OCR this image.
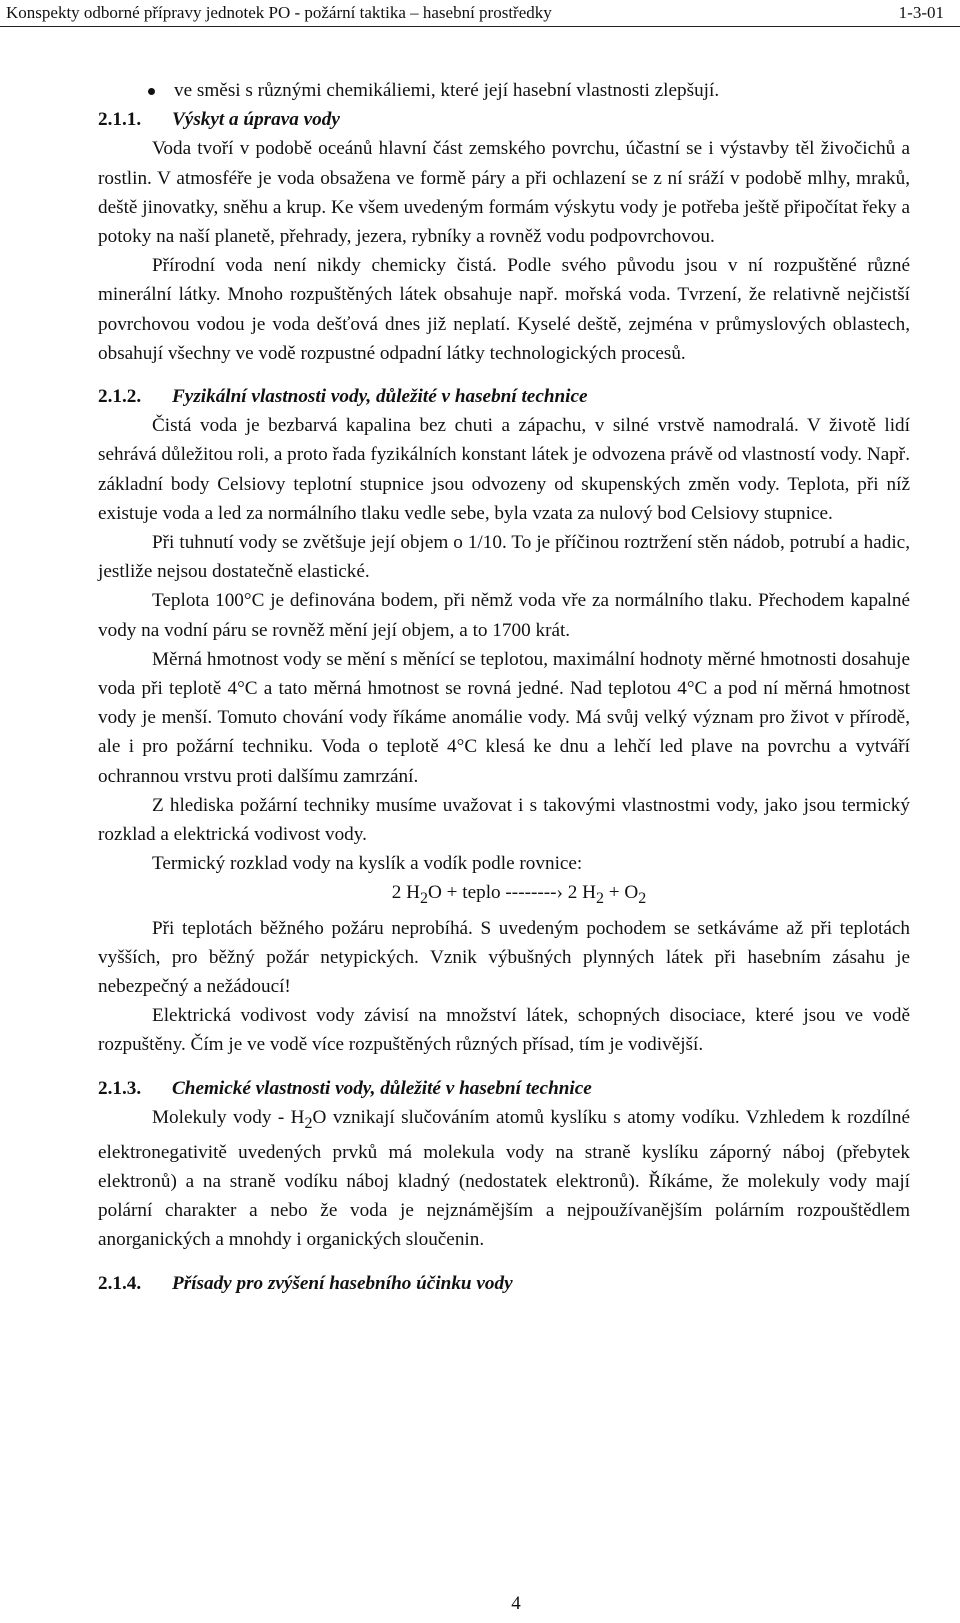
Konspekty odborné přípravy jednotek PO - požární taktika – hasební prostředky	1-3-01

ve směsi s různými chemikáliemi, které její hasební vlastnosti zlepšují.

2.1.1. Výskyt a úprava vody

Voda tvoří v podobě oceánů hlavní část zemského povrchu, účastní se i výstavby těl živočichů a rostlin. V atmosféře je voda obsažena ve formě páry a při ochlazení se z ní sráží v podobě mlhy, mraků, deště jinovatky, sněhu a krup. Ke všem uvedeným formám výskytu vody je potřeba ještě připočítat řeky a potoky na naší planetě, přehrady, jezera, rybníky a rovněž vodu podpovrchovou.

Přírodní voda není nikdy chemicky čistá. Podle svého původu jsou v ní rozpuštěné různé minerální látky. Mnoho rozpuštěných látek obsahuje např. mořská voda. Tvrzení, že relativně nejčistší povrchovou vodou je voda dešťová dnes již neplatí. Kyselé deště, zejména v průmyslových oblastech, obsahují všechny ve vodě rozpustné odpadní látky technologických procesů.

2.1.2. Fyzikální vlastnosti vody, důležité v hasební technice

Čistá voda je bezbarvá kapalina bez chuti a zápachu, v silné vrstvě namodralá. V životě lidí sehrává důležitou roli, a proto řada fyzikálních konstant látek je odvozena právě od vlastností vody. Např. základní body Celsiovy teplotní stupnice jsou odvozeny od skupenských změn vody. Teplota, při níž existuje voda a led za normálního tlaku vedle sebe, byla vzata za nulový bod Celsiovy stupnice.

Při tuhnutí vody se zvětšuje její objem o 1/10. To je příčinou roztržení stěn nádob, potrubí a hadic, jestliže nejsou dostatečně elastické.

Teplota 100°C je definována bodem, při němž voda vře za normálního tlaku. Přechodem kapalné vody na vodní páru se rovněž mění její objem, a to 1700 krát.

Měrná hmotnost vody se mění s měnící se teplotou, maximální hodnoty měrné hmotnosti dosahuje voda při teplotě 4°C a tato měrná hmotnost se rovná jedné. Nad teplotou 4°C a pod ní měrná hmotnost vody je menší. Tomuto chování vody říkáme anomálie vody. Má svůj velký význam pro život v přírodě, ale i pro požární techniku. Voda o teplotě 4°C klesá ke dnu a lehčí led plave na povrchu a vytváří ochrannou vrstvu proti dalšímu zamrzání.

Z hlediska požární techniky musíme uvažovat i s takovými vlastnostmi vody, jako jsou termický rozklad a elektrická vodivost vody.

Termický rozklad vody na kyslík a vodík podle rovnice:

2 $H_2O$ + teplo --------› 2 $H_2 + O_2$

Při teplotách běžného požáru neprobíhá. S uvedeným pochodem se setkáváme až při teplotách vyšších, pro běžný požár netypických. Vznik výbušných plynných látek při hasebním zásahu je nebezpečný a nežádoucí!

Elektrická vodivost vody závisí na množství látek, schopných disociace, které jsou ve vodě rozpuštěny. Čím je ve vodě více rozpuštěných různých přísad, tím je vodivější.

2.1.3. Chemické vlastnosti vody, důležité v hasební technice

Molekuly vody - $H_2O$ vznikají slučováním atomů kyslíku s atomy vodíku. Vzhledem k rozdílné elektronegativitě uvedených prvků má molekula vody na straně kyslíku záporný náboj (přebytek elektronů) a na straně vodíku náboj kladný (nedostatek elektronů). Říkáme, že molekuly vody mají polární charakter a nebo že voda je nejznámějším a nejpoužívanějším polárním rozpouštědlem anorganických a mnohdy i organických sloučenin.

2.1.4. Přísady pro zvýšení hasebního účinku vody

4
